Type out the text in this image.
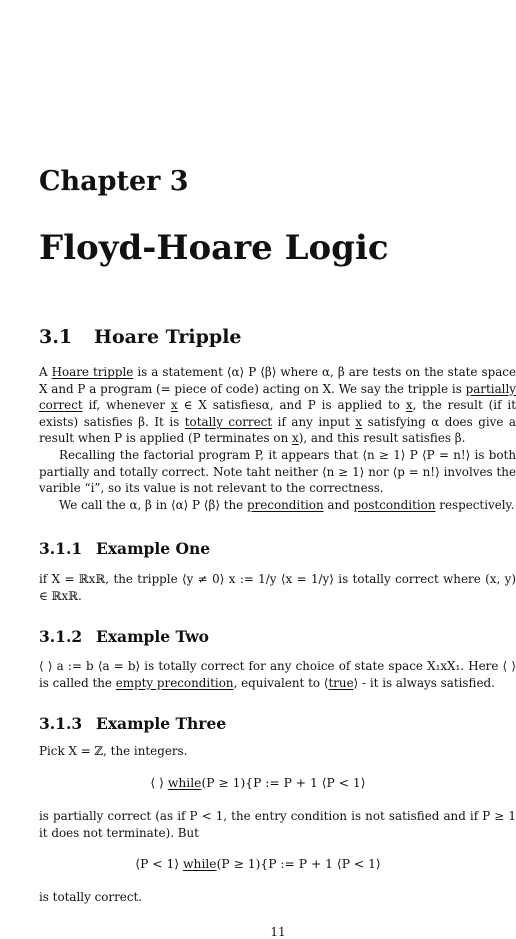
Chapter 3
Floyd-Hoare Logic
3.1 Hoare Tripple
A Hoare tripple is a statement ⟨α⟩ P ⟨β⟩ where α, β are tests on the state space X and P a program (= piece of code) acting on X. We say the tripple is partially correct if, whenever x ∈ X satisfiesα, and P is applied to x, the result (if it exists) satisfies β. It is totally correct if any input x satisfying α does give a result when P is applied (P terminates on x), and this result satisfies β.
Recalling the factorial program P, it appears that ⟨n ≥ 1⟩ P ⟨P = n!⟩ is both partially and totally correct. Note taht neither ⟨n ≥ 1⟩ nor ⟨p = n!⟩ involves the varible “i”, so its value is not relevant to the correctness.
We call the α, β in ⟨α⟩ P ⟨β⟩ the precondition and postcondition respectively.
3.1.1 Example One
if X = ℝxℝ, the tripple ⟨y ≠ 0⟩ x := 1/y ⟨x = 1/y⟩ is totally correct where (x, y) ∈ ℝxℝ.
3.1.2 Example Two
⟨ ⟩ a := b ⟨a = b⟩ is totally correct for any choice of state space X₁xX₁. Here ⟨ ⟩ is called the empty precondition, equivalent to ⟨true⟩ - it is always satisfied.
3.1.3 Example Three
Pick X = ℤ, the integers.
⟨ ⟩ while(P ≥ 1){P := P + 1 ⟨P < 1⟩
is partially correct (as if P < 1, the entry condition is not satisfied and if P ≥ 1 it does not terminate). But
⟨P < 1⟩ while(P ≥ 1){P := P + 1 ⟨P < 1⟩
is totally correct.
11
